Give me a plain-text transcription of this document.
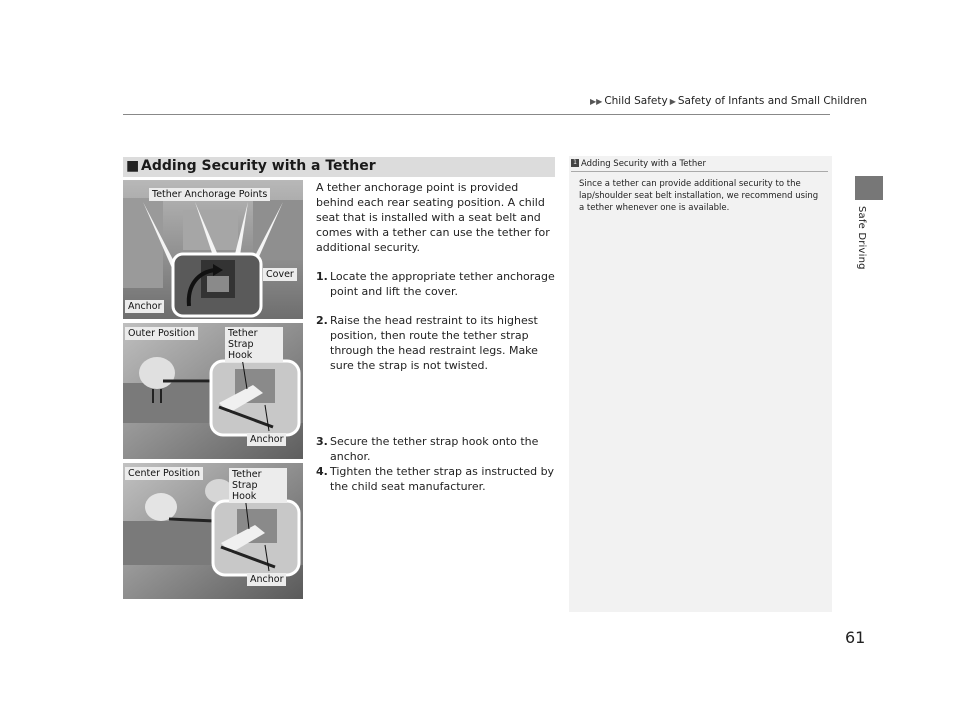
▶▶ Child Safety ▶ Safety of Infants and Small Children
Safe Driving
■ Adding Security with a Tether
Tether Anchorage Points
Cover
Anchor
Outer Position	Tether Strap Hook
Anchor
Center Position	Tether Strap Hook
Anchor

A tether anchorage point is provided behind each rear seating position. A child seat that is installed with a seat belt and comes with a tether can use the tether for additional security.

1. Locate the appropriate tether anchorage point and lift the cover.
2. Raise the head restraint to its highest position, then route the tether strap through the head restraint legs. Make sure the strap is not twisted.
3. Secure the tether strap hook onto the anchor.
4. Tighten the tether strap as instructed by the child seat manufacturer.
1 Adding Security with a Tether
Since a tether can provide additional security to the lap/shoulder seat belt installation, we recommend using a tether whenever one is available.
61
